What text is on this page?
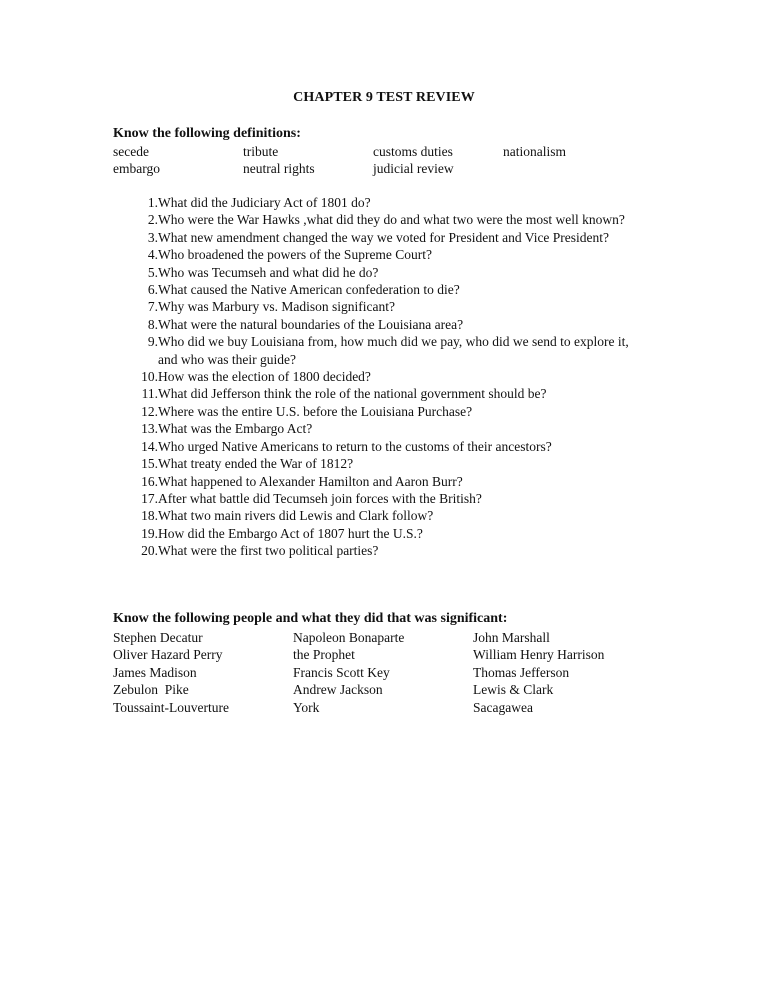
CHAPTER 9 TEST REVIEW
Know the following definitions:
secede	tribute	customs duties	nationalism
embargo	neutral rights	judicial review
1. What did the Judiciary Act of 1801 do?
2. Who were the War Hawks ,what did they do and what two were the most well known?
3. What new amendment changed the way we voted for President and Vice President?
4. Who broadened the powers of the Supreme Court?
5. Who was Tecumseh and what did he do?
6. What caused the Native American confederation to die?
7. Why was Marbury vs. Madison significant?
8. What were the natural boundaries of the Louisiana area?
9. Who did we buy Louisiana from, how much did we pay, who did we send to explore it, and who was their guide?
10. How was the election of 1800 decided?
11. What did Jefferson think the role of the national government should be?
12. Where was the entire U.S. before the Louisiana Purchase?
13. What was the Embargo Act?
14. Who urged Native Americans to return to the customs of their ancestors?
15. What treaty ended the War of 1812?
16. What happened to Alexander Hamilton and Aaron Burr?
17. After what battle did Tecumseh join forces with the British?
18. What two main rivers did Lewis and Clark follow?
19. How did the Embargo Act of 1807 hurt the U.S.?
20. What were the first two political parties?
Know the following people and what they did that was significant:
Stephen Decatur	Napoleon Bonaparte	John Marshall
Oliver Hazard Perry	the Prophet	William Henry Harrison
James Madison	Francis Scott Key	Thomas Jefferson
Zebulon  Pike	Andrew Jackson	Lewis & Clark
Toussaint-Louverture	York	Sacagawea
